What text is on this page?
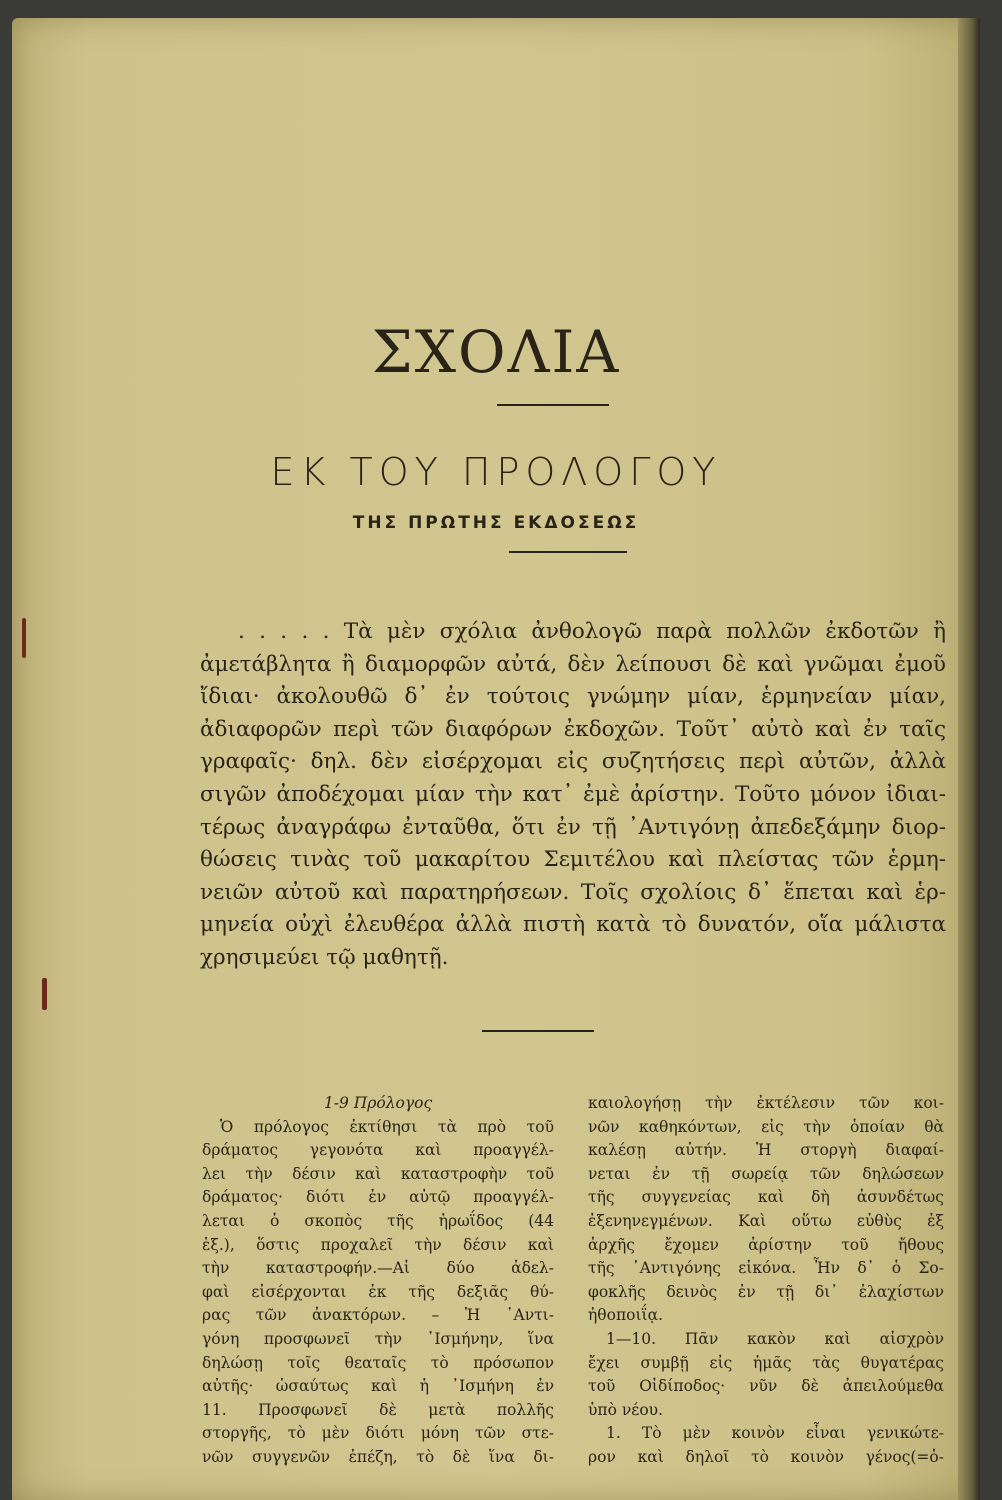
ΣΧΟΛΙΑ
ΕΚ ΤΟΥ ΠΡΟΛΟΓΟΥ
ΤΗΣ ΠΡΩΤΗΣ ΕΚΔΟΣΕΩΣ
. . . . . Τὰ μὲν σχόλια ἀνθολογῶ παρὰ πολλῶν ἐκδοτῶν ἢ
ἀμετάβλητα ἢ διαμορφῶν αὐτά, δὲν λείπουσι δὲ καὶ γνῶμαι ἐμοῦ
ἴδιαι· ἀκολουθῶ δ᾽ ἐν τούτοις γνώμην μίαν, ἑρμηνείαν μίαν,
ἀδιαφορῶν περὶ τῶν διαφόρων ἐκδοχῶν. Τοῦτ᾽ αὐτὸ καὶ ἐν ταῖς
γραφαῖς· δηλ. δὲν εἰσέρχομαι εἰς συζητήσεις περὶ αὐτῶν, ἀλλὰ
σιγῶν ἀποδέχομαι μίαν τὴν κατ᾽ ἐμὲ ἀρίστην. Τοῦτο μόνον ἰδιαι-
τέρως ἀναγράφω ἐνταῦθα, ὅτι ἐν τῇ ᾿Αντιγόνῃ ἀπεδεξάμην διορ-
θώσεις τινὰς τοῦ μακαρίτου Σεμιτέλου καὶ πλείστας τῶν ἑρμη-
νειῶν αὐτοῦ καὶ παρατηρήσεων. Τοῖς σχολίοις δ᾽ ἕπεται καὶ ἑρ-
μηνεία οὐχὶ ἐλευθέρα ἀλλὰ πιστὴ κατὰ τὸ δυνατόν, οἵα μάλιστα
χρησιμεύει τῷ μαθητῇ.
1-9 Πρόλογος
Ὁ πρόλογος ἐκτίθησι τὰ πρὸ τοῦ
δράματος γεγονότα καὶ προαγγέλ-
λει τὴν δέσιν καὶ καταστροφὴν τοῦ
δράματος· διότι ἐν αὐτῷ προαγγέλ-
λεται ὁ σκοπὸς τῆς ἡρωΐδος (44
ἑξ.), ὅστις προχαλεῖ τὴν δέσιν καὶ
τὴν καταστροφήν.—Αἱ δύο ἀδελ-
φαὶ εἰσέρχονται ἐκ τῆς δεξιᾶς θύ-
ρας τῶν ἀνακτόρων. – Ἡ ᾿Αντι-
γόνη προσφωνεῖ τὴν ᾿Ισμήνην, ἵνα
δηλώσῃ τοῖς θεαταῖς τὸ πρόσωπον
αὐτῆς· ὡσαύτως καὶ ἡ ᾿Ισμήνη ἐν
11. Προσφωνεῖ δὲ μετὰ πολλῆς
στοργῆς, τὸ μὲν διότι μόνη τῶν στε-
νῶν συγγενῶν ἐπέζη, τὸ δὲ ἵνα δι-
καιολογήσῃ τὴν ἐκτέλεσιν τῶν κοι-
νῶν καθηκόντων, εἰς τὴν ὁποίαν θὰ
καλέσῃ αὐτήν. Ἡ στοργὴ διαφαί-
νεται ἐν τῇ σωρείᾳ τῶν δηλώσεων
τῆς συγγενείας καὶ δὴ ἀσυνδέτως
ἐξενηνεγμένων. Καὶ οὕτω εὐθὺς ἐξ
ἀρχῆς ἔχομεν ἀρίστην τοῦ ἤθους
τῆς ᾿Αντιγόνης εἰκόνα. Ἦν δ᾽ ὁ Σο-
φοκλῆς δεινὸς ἐν τῇ δι᾽ ἐλαχίστων
ἠθοποιΐᾳ.
1—10. Πᾶν κακὸν καὶ αἰσχρὸν
ἔχει συμβῇ εἰς ἡμᾶς τὰς θυγατέρας
τοῦ Οἰδίποδος· νῦν δὲ ἀπειλούμεθα
ὑπὸ νέου.
1. Τὸ μὲν κοινὸν εἶναι γενικώτε-
ρον καὶ δηλοῖ τὸ κοινὸν γένος(=ὁ-
